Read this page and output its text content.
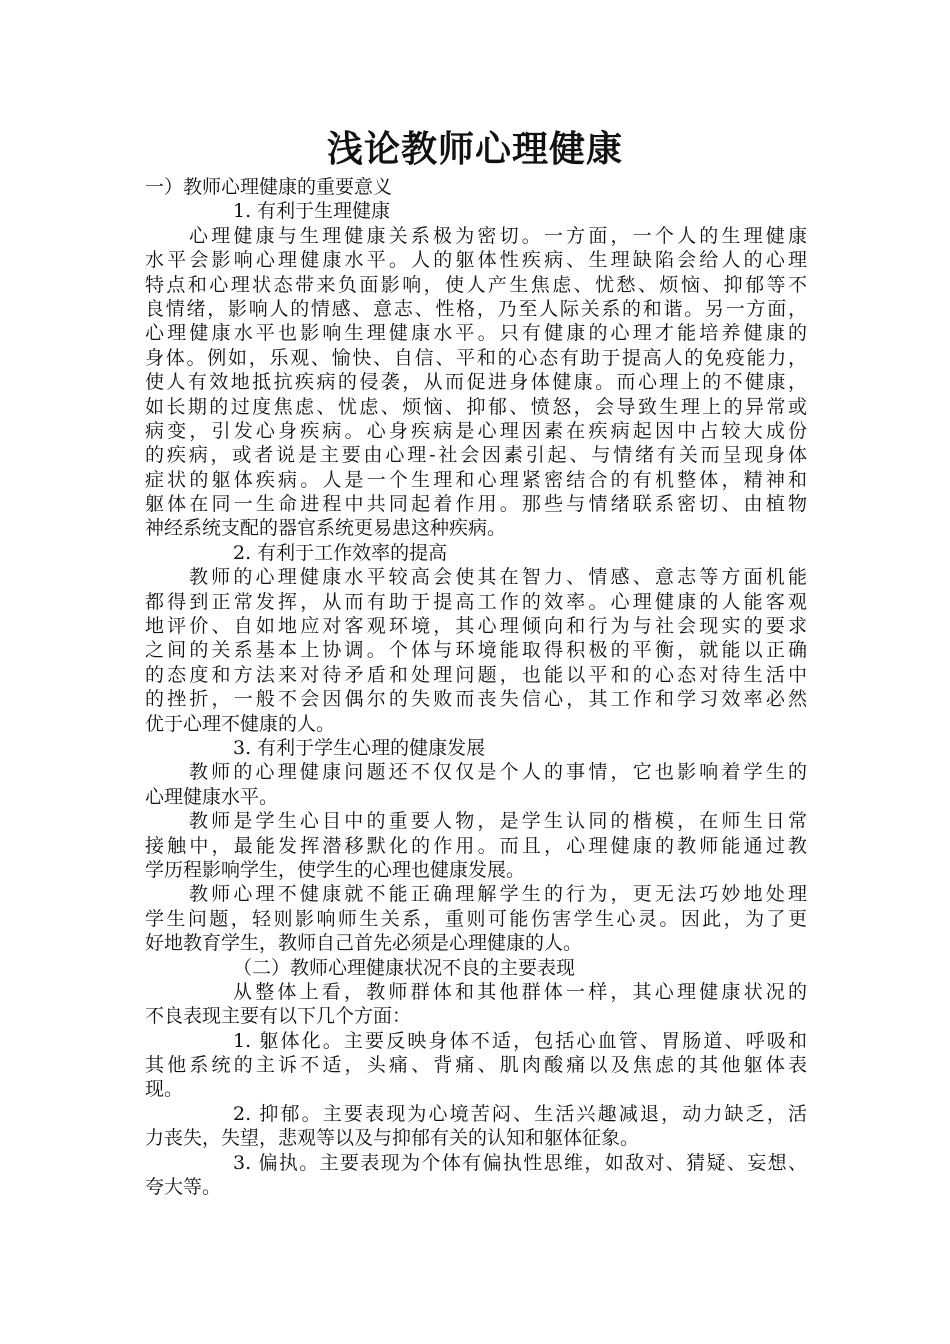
浅论教师心理健康
一）教师心理健康的重要意义
1. 有利于生理健康
心理健康与生理健康关系极为密切。一方面，一个人的生理健康
水平会影响心理健康水平。人的躯体性疾病、生理缺陷会给人的心理
特点和心理状态带来负面影响，使人产生焦虑、忧愁、烦恼、抑郁等不
良情绪，影响人的情感、意志、性格，乃至人际关系的和谐。另一方面，
心理健康水平也影响生理健康水平。只有健康的心理才能培养健康的
身体。例如，乐观、愉快、自信、平和的心态有助于提高人的免疫能力，
使人有效地抵抗疾病的侵袭，从而促进身体健康。而心理上的不健康，
如长期的过度焦虑、忧虑、烦恼、抑郁、愤怒，会导致生理上的异常或
病变，引发心身疾病。心身疾病是心理因素在疾病起因中占较大成份
的疾病，或者说是主要由心理-社会因素引起、与情绪有关而呈现身体
症状的躯体疾病。人是一个生理和心理紧密结合的有机整体，精神和
躯体在同一生命进程中共同起着作用。那些与情绪联系密切、由植物
神经系统支配的器官系统更易患这种疾病。
2. 有利于工作效率的提高
教师的心理健康水平较高会使其在智力、情感、意志等方面机能
都得到正常发挥，从而有助于提高工作的效率。心理健康的人能客观
地评价、自如地应对客观环境，其心理倾向和行为与社会现实的要求
之间的关系基本上协调。个体与环境能取得积极的平衡，就能以正确
的态度和方法来对待矛盾和处理问题，也能以平和的心态对待生活中
的挫折，一般不会因偶尔的失败而丧失信心，其工作和学习效率必然
优于心理不健康的人。
3. 有利于学生心理的健康发展
教师的心理健康问题还不仅仅是个人的事情，它也影响着学生的
心理健康水平。
教师是学生心目中的重要人物，是学生认同的楷模，在师生日常
接触中，最能发挥潜移默化的作用。而且，心理健康的教师能通过教
学历程影响学生，使学生的心理也健康发展。
教师心理不健康就不能正确理解学生的行为，更无法巧妙地处理
学生问题，轻则影响师生关系，重则可能伤害学生心灵。因此，为了更
好地教育学生，教师自己首先必须是心理健康的人。
（二）教师心理健康状况不良的主要表现
从整体上看，教师群体和其他群体一样，其心理健康状况的
不良表现主要有以下几个方面：
1. 躯体化。主要反映身体不适，包括心血管、胃肠道、呼吸和
其他系统的主诉不适，头痛、背痛、肌肉酸痛以及焦虑的其他躯体表
现。
2. 抑郁。主要表现为心境苦闷、生活兴趣减退，动力缺乏，活
力丧失，失望，悲观等以及与抑郁有关的认知和躯体征象。
3. 偏执。主要表现为个体有偏执性思维，如敌对、猜疑、妄想、
夸大等。
